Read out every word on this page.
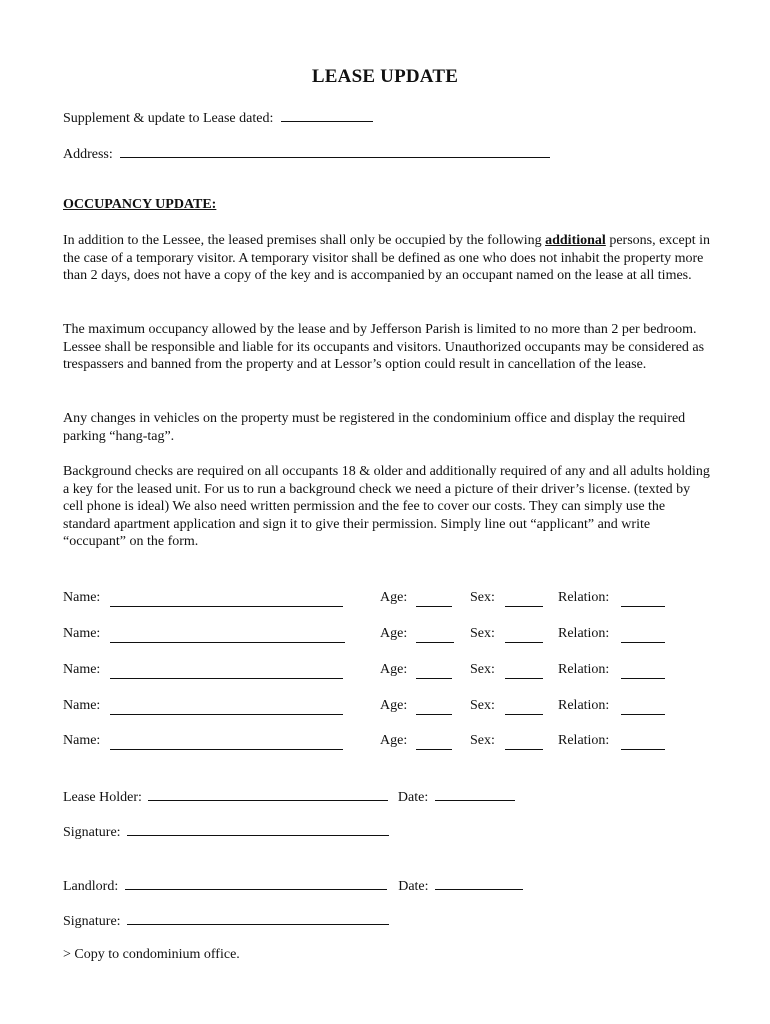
LEASE UPDATE
Supplement & update to Lease dated:
Address:
OCCUPANCY UPDATE:
In addition to the Lessee, the leased premises shall only be occupied by the following additional persons, except in the case of a temporary visitor. A temporary visitor shall be defined as one who does not inhabit the property more than 2 days, does not have a copy of the key and is accompanied by an occupant named on the lease at all times.
The maximum occupancy allowed by the lease and by Jefferson Parish is limited to no more than 2 per bedroom. Lessee shall be responsible and liable for its occupants and visitors. Unauthorized occupants may be considered as trespassers and banned from the property and at Lessor’s option could result in cancellation of the lease.
Any changes in vehicles on the property must be registered in the condominium office and display the required parking “hang-tag”.
Background checks are required on all occupants 18 & older and additionally required of any and all adults holding a key for the leased unit. For us to run a background check we need a picture of their driver’s license. (texted by cell phone is ideal) We also need written permission and the fee to cover our costs. They can simply use the standard apartment application and sign it to give their permission. Simply line out “applicant” and write “occupant” on the form.
Name:	Age:	Sex:	Relation:
Name:	Age:	Sex:	Relation:
Name:	Age:	Sex:	Relation:
Name:	Age:	Sex:	Relation:
Name:	Age:	Sex:	Relation:
Lease Holder:	Date:
Signature:
Landlord:	Date:
Signature:
> Copy to condominium office.
